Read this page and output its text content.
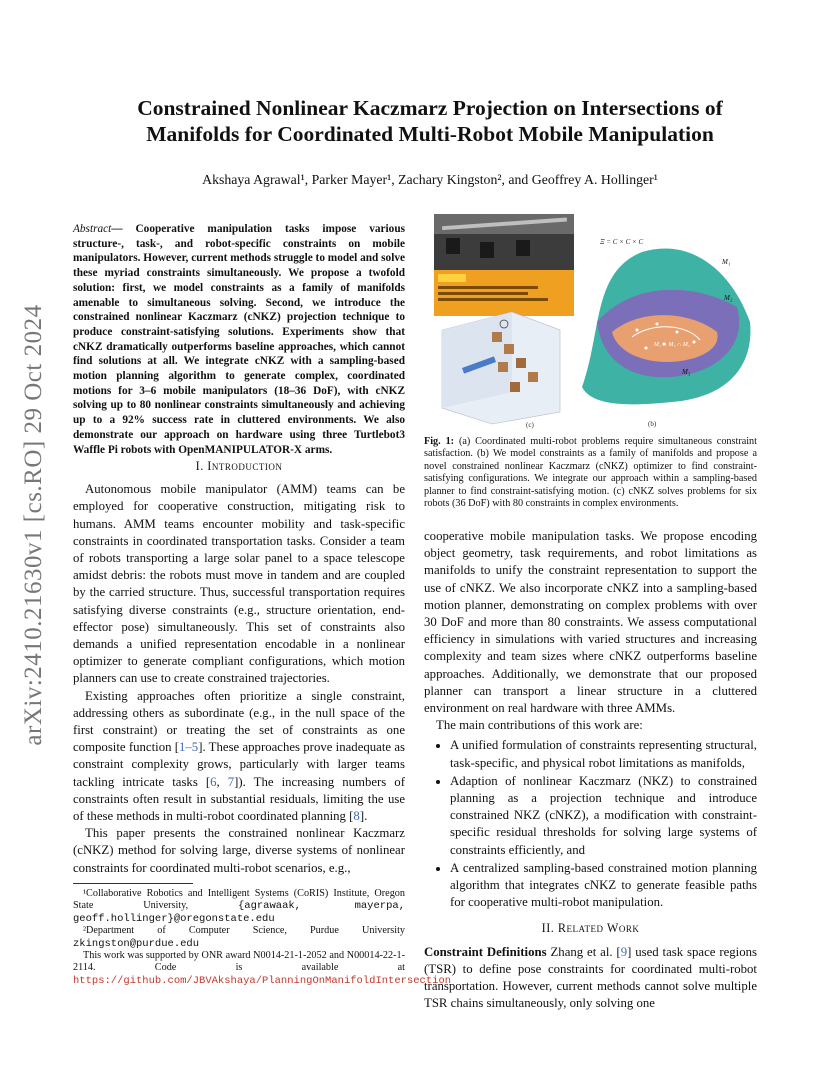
arXiv:2410.21630v1 [cs.RO] 29 Oct 2024
Constrained Nonlinear Kaczmarz Projection on Intersections of
Manifolds for Coordinated Multi-Robot Mobile Manipulation
Akshaya Agrawal¹, Parker Mayer¹, Zachary Kingston², and Geoffrey A. Hollinger¹
Abstract— Cooperative manipulation tasks impose various structure-, task-, and robot-specific constraints on mobile manipulators. However, current methods struggle to model and solve these myriad constraints simultaneously. We propose a twofold solution: first, we model constraints as a family of manifolds amenable to simultaneous solving. Second, we introduce the constrained nonlinear Kaczmarz (cNKZ) projection technique to produce constraint-satisfying solutions. Experiments show that cNKZ dramatically outperforms baseline approaches, which cannot find solutions at all. We integrate cNKZ with a sampling-based motion planning algorithm to generate complex, coordinated motions for 3–6 mobile manipulators (18–36 DoF), with cNKZ solving up to 80 nonlinear constraints simultaneously and achieving up to a 92% success rate in cluttered environments. We also demonstrate our approach on hardware using three Turtlebot3 Waffle Pi robots with OpenMANIPULATOR-X arms.
I. Introduction

Autonomous mobile manipulator (AMM) teams can be employed for cooperative construction, mitigating risk to humans. AMM teams encounter mobility and task-specific constraints in coordinated transportation tasks. Consider a team of robots transporting a large solar panel to a space telescope amidst debris: the robots must move in tandem and are coupled by the carried structure. Thus, successful transportation requires satisfying diverse constraints (e.g., structure orientation, end-effector pose) simultaneously. This set of constraints also demands a unified representation encodable in a nonlinear optimizer to generate compliant configurations, which motion planners can use to create constrained trajectories.

Existing approaches often prioritize a single constraint, addressing others as subordinate (e.g., in the null space of the first constraint) or treating the set of constraints as one composite function [1–5]. These approaches prove inadequate as constraint complexity grows, particularly with larger teams tackling intricate tasks [6, 7]). The increasing numbers of constraints often result in substantial residuals, limiting the use of these methods in multi-robot coordinated planning [8].

This paper presents the constrained nonlinear Kaczmarz (cNKZ) method for solving large, diverse systems of nonlinear constraints for coordinated multi-robot scenarios, e.g.,

¹Collaborative Robotics and Intelligent Systems (CoRIS) Institute, Oregon State University, {agrawaak, mayerpa, geoff.hollinger}@oregonstate.edu

²Department of Computer Science, Purdue University zkingston@purdue.edu

This work was supported by ONR award N0014-21-1-2052 and N00014-22-1-2114. Code is available at https://github.com/JBVAkshaya/PlanningOnManifoldIntersection

(c)
Ξ = C × C × C
M₁
M₂
M₃
M₁ ∩ M₂ ∩ M₃
(b)
Fig. 1: (a) Coordinated multi-robot problems require simultaneous constraint satisfaction. (b) We model constraints as a family of manifolds and propose a novel constrained nonlinear Kaczmarz (cNKZ) optimizer to find constraint-satisfying configurations. We integrate our approach within a sampling-based planner to find constraint-satisfying motion. (c) cNKZ solves problems for six robots (36 DoF) with 80 constraints in complex environments.

cooperative mobile manipulation tasks. We propose encoding object geometry, task requirements, and robot limitations as manifolds to unify the constraint representation to support the use of cNKZ. We also incorporate cNKZ into a sampling-based motion planner, demonstrating on complex problems with over 30 DoF and more than 80 constraints. We assess computational efficiency in simulations with varied structures and increasing complexity and team sizes where cNKZ outperforms baseline approaches. Additionally, we demonstrate that our proposed planner can transport a linear structure in a cluttered environment on real hardware with three AMMs.

The main contributions of this work are:

• A unified formulation of constraints representing structural, task-specific, and physical robot limitations as manifolds,
• Adaption of nonlinear Kaczmarz (NKZ) to constrained planning as a projection technique and introduce constrained NKZ (cNKZ), a modification with constraint-specific residual thresholds for solving large systems of constraints efficiently, and
• A centralized sampling-based constrained motion planning algorithm that integrates cNKZ to generate feasible paths for cooperative multi-robot manipulation.
II. Related Work

Constraint Definitions Zhang et al. [9] used task space regions (TSR) to define pose constraints for coordinated multi-robot transportation. However, current methods cannot solve multiple TSR chains simultaneously, only solving one
